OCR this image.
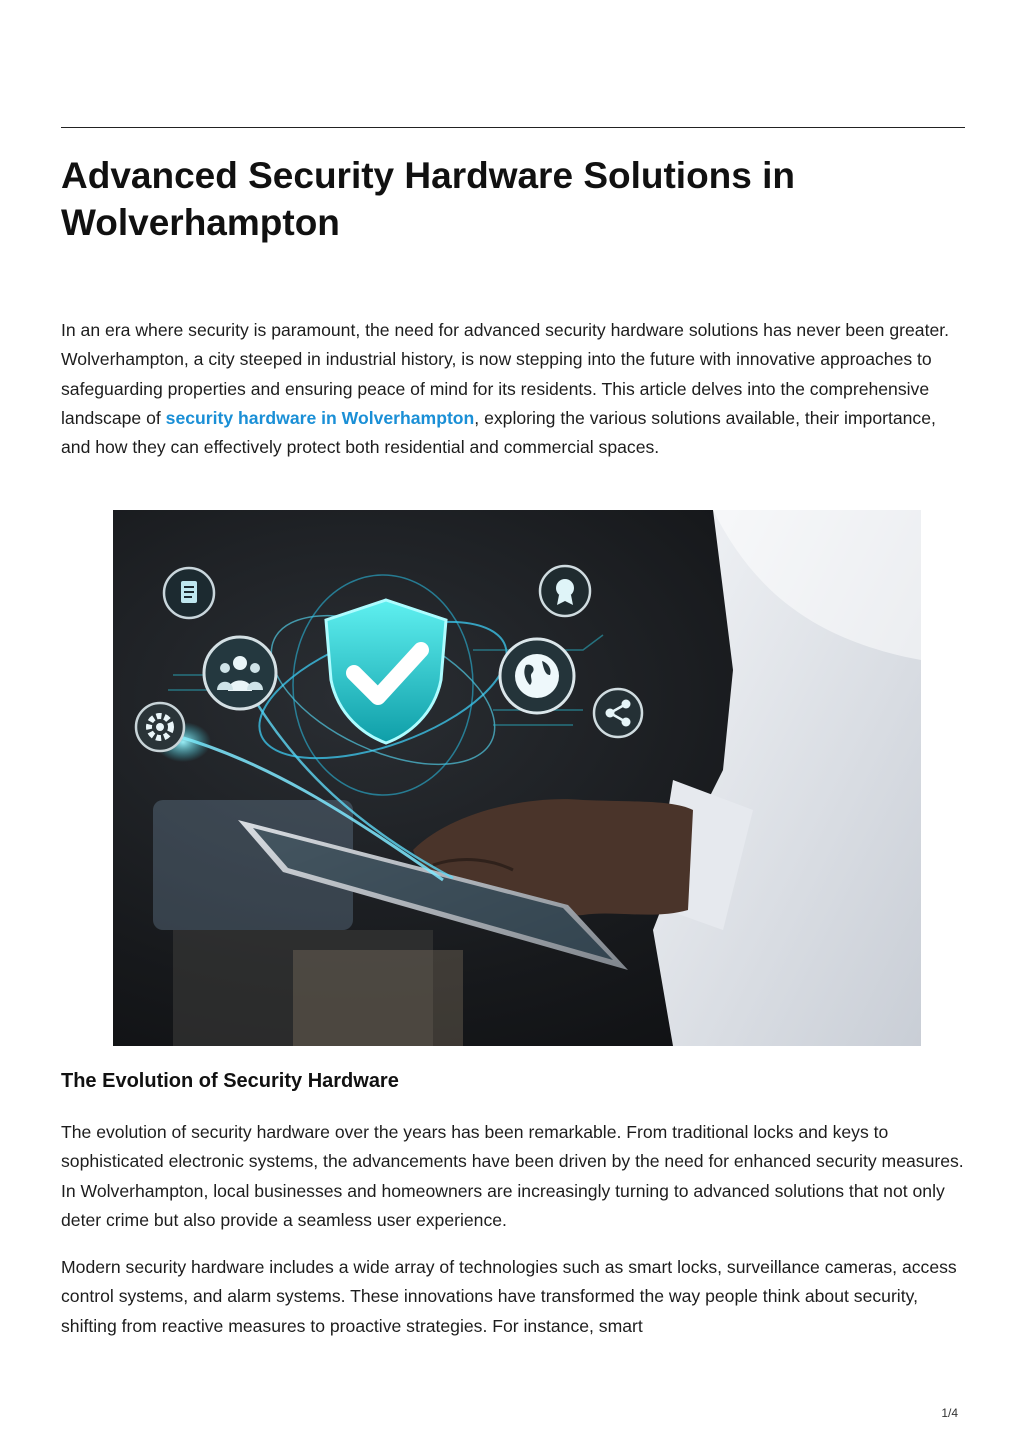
Advanced Security Hardware Solutions in Wolverhampton

In an era where security is paramount, the need for advanced security hardware solutions has never been greater. Wolverhampton, a city steeped in industrial history, is now stepping into the future with innovative approaches to safeguarding properties and ensuring peace of mind for its residents. This article delves into the comprehensive landscape of security hardware in Wolverhampton, exploring the various solutions available, their importance, and how they can effectively protect both residential and commercial spaces.

The Evolution of Security Hardware

The evolution of security hardware over the years has been remarkable. From traditional locks and keys to sophisticated electronic systems, the advancements have been driven by the need for enhanced security measures. In Wolverhampton, local businesses and homeowners are increasingly turning to advanced solutions that not only deter crime but also provide a seamless user experience.

Modern security hardware includes a wide array of technologies such as smart locks, surveillance cameras, access control systems, and alarm systems. These innovations have transformed the way people think about security, shifting from reactive measures to proactive strategies. For instance, smart

1/4
